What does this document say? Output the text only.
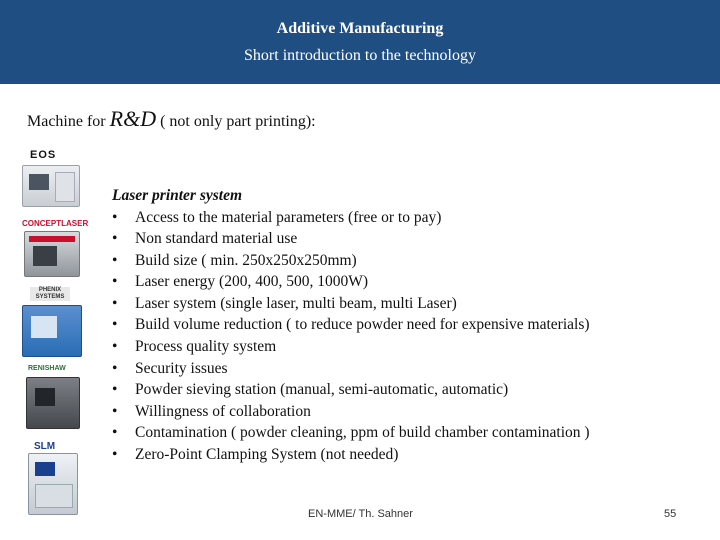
Additive Manufacturing
Short introduction to the technology
Machine for R&D ( not only part printing):
EOS
CONCEPTLASER
PHENIX SYSTEMS
RENISHAW
SLM
Laser printer system
• Access to the material parameters (free or to pay)
• Non standard material use
• Build size ( min. 250x250x250mm)
• Laser energy (200, 400, 500, 1000W)
• Laser system (single laser, multi beam, multi Laser)
• Build volume reduction ( to reduce powder need for expensive materials)
• Process quality system
• Security issues
• Powder sieving station (manual, semi-automatic, automatic)
• Willingness of collaboration
• Contamination ( powder cleaning, ppm of build chamber contamination )
• Zero-Point Clamping System (not needed)
EN-MME/ Th. Sahner	55
